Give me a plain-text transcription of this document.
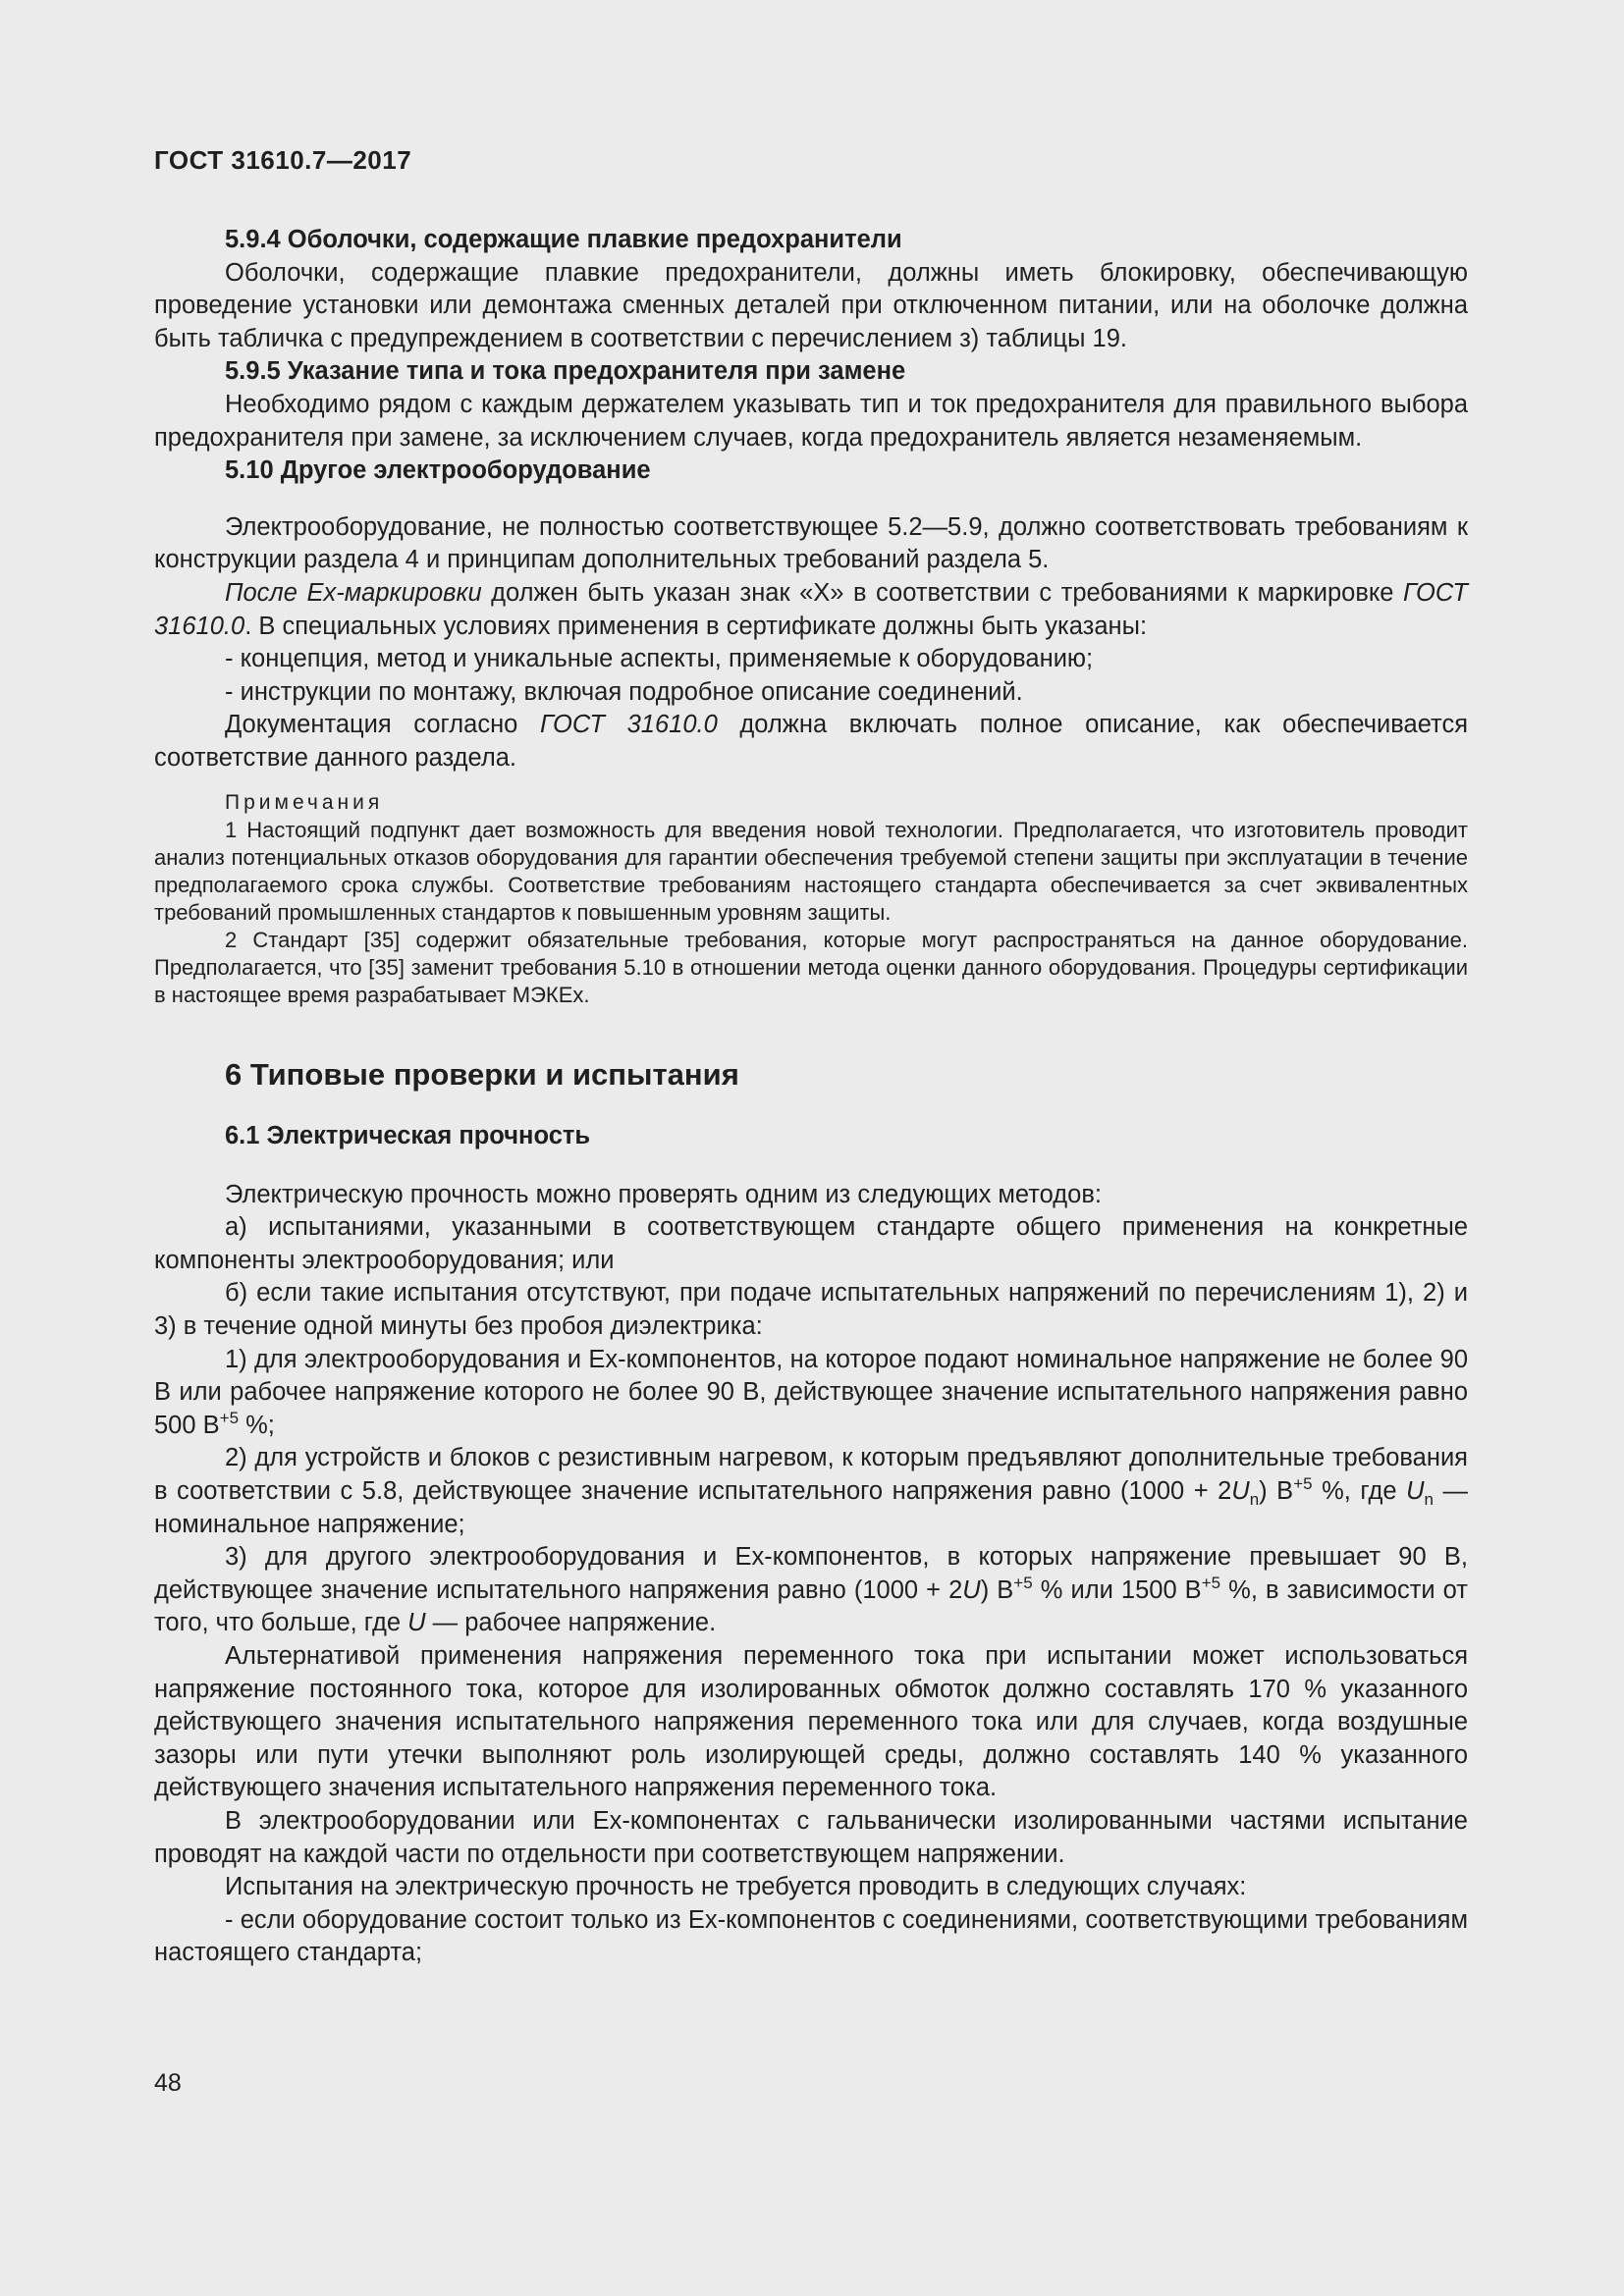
ГОСТ 31610.7—2017

5.9.4 Оболочки, содержащие плавкие предохранители

Оболочки, содержащие плавкие предохранители, должны иметь блокировку, обеспечивающую проведение установки или демонтажа сменных деталей при отключенном питании, или на оболочке должна быть табличка с предупреждением в соответствии с перечислением з) таблицы 19.

5.9.5 Указание типа и тока предохранителя при замене

Необходимо рядом с каждым держателем указывать тип и ток предохранителя для правильного выбора предохранителя при замене, за исключением случаев, когда предохранитель является незаменяемым.

5.10 Другое электрооборудование

Электрооборудование, не полностью соответствующее 5.2—5.9, должно соответствовать требованиям к конструкции раздела 4 и принципам дополнительных требований раздела 5.

После Ех-маркировки должен быть указан знак «X» в соответствии с требованиями к маркировке ГОСТ 31610.0. В специальных условиях применения в сертификате должны быть указаны:

- концепция, метод и уникальные аспекты, применяемые к оборудованию;

- инструкции по монтажу, включая подробное описание соединений.

Документация согласно ГОСТ 31610.0 должна включать полное описание, как обеспечивается соответствие данного раздела.

Примечания

1 Настоящий подпункт дает возможность для введения новой технологии. Предполагается, что изготовитель проводит анализ потенциальных отказов оборудования для гарантии обеспечения требуемой степени защиты при эксплуатации в течение предполагаемого срока службы. Соответствие требованиям настоящего стандарта обеспечивается за счет эквивалентных требований промышленных стандартов к повышенным уровням защиты.

2 Стандарт [35] содержит обязательные требования, которые могут распространяться на данное оборудование. Предполагается, что [35] заменит требования 5.10 в отношении метода оценки данного оборудования. Процедуры сертификации в настоящее время разрабатывает МЭКЕх.

6 Типовые проверки и испытания

6.1 Электрическая прочность

Электрическую прочность можно проверять одним из следующих методов:

а) испытаниями, указанными в соответствующем стандарте общего применения на конкретные компоненты электрооборудования; или

б) если такие испытания отсутствуют, при подаче испытательных напряжений по перечислениям 1), 2) и 3) в течение одной минуты без пробоя диэлектрика:

1) для электрооборудования и Ех-компонентов, на которое подают номинальное напряжение не более 90 В или рабочее напряжение которого не более 90 В, действующее значение испытательного напряжения равно 500 $В^{+5}$ %;

2) для устройств и блоков с резистивным нагревом, к которым предъявляют дополнительные требования в соответствии с 5.8, действующее значение испытательного напряжения равно $(1000 + 2U_n)$ $В^{+5}$ %, где $U_n$ — номинальное напряжение;

3) для другого электрооборудования и Ех-компонентов, в которых напряжение превышает 90 В, действующее значение испытательного напряжения равно (1000 + 2U) $В^{+5}$ % или 1500 $В^{+5}$ %, в зависимости от того, что больше, где U — рабочее напряжение.

Альтернативой применения напряжения переменного тока при испытании может использоваться напряжение постоянного тока, которое для изолированных обмоток должно составлять 170 % указанного действующего значения испытательного напряжения переменного тока или для случаев, когда воздушные зазоры или пути утечки выполняют роль изолирующей среды, должно составлять 140 % указанного действующего значения испытательного напряжения переменного тока.

В электрооборудовании или Ех-компонентах с гальванически изолированными частями испытание проводят на каждой части по отдельности при соответствующем напряжении.

Испытания на электрическую прочность не требуется проводить в следующих случаях:

- если оборудование состоит только из Ех-компонентов с соединениями, соответствующими требованиям настоящего стандарта;

48
